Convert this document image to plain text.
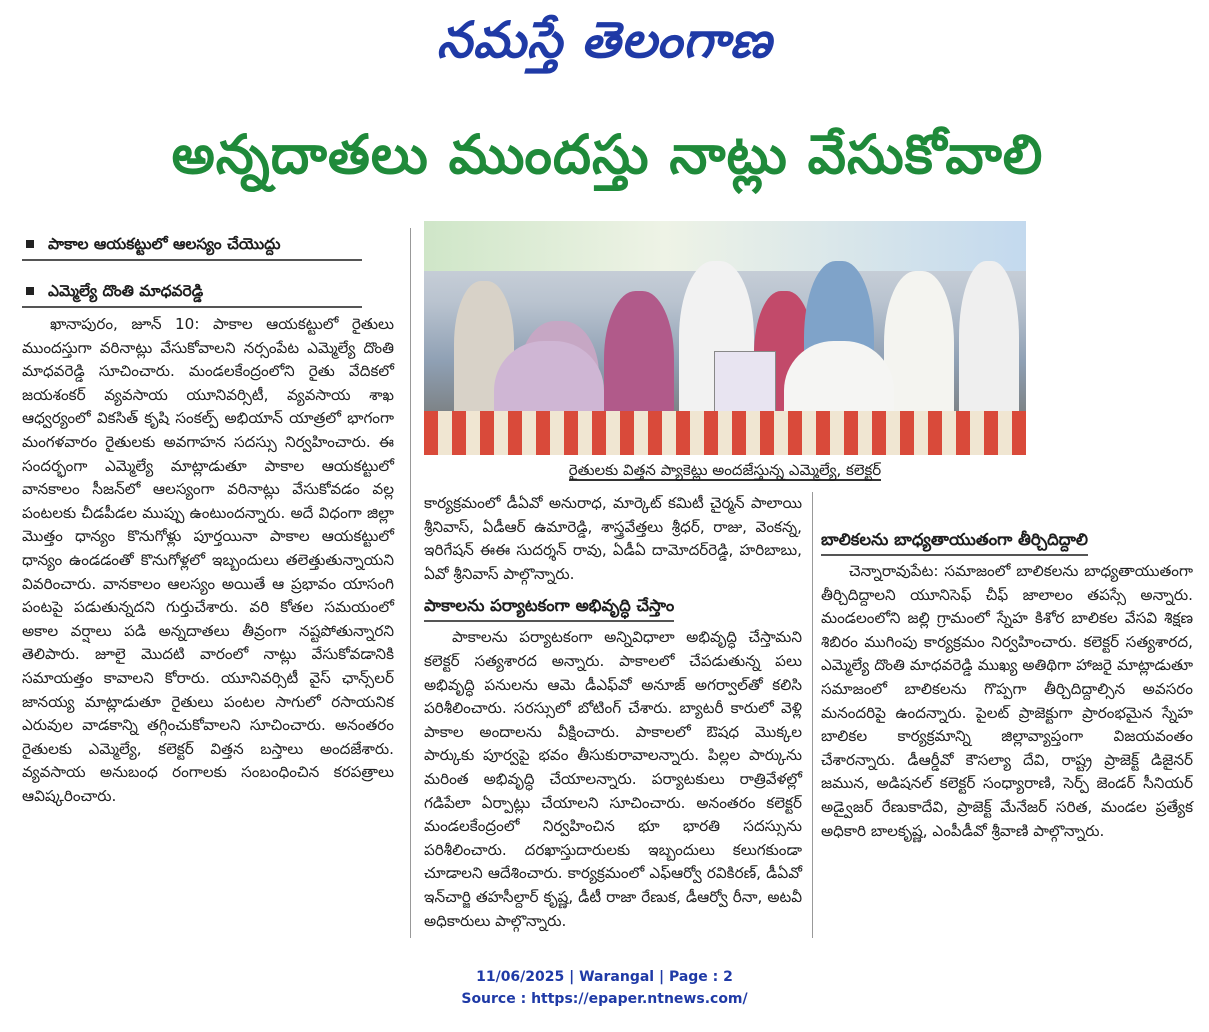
నమస్తే తెలంగాణ
అన్నదాతలు ముందస్తు నాట్లు వేసుకోవాలి
పాకాల ఆయకట్టులో ఆలస్యం చేయొద్దు
ఎమ్మెల్యే దొంతి మాధవరెడ్డి

ఖానాపురం, జూన్ 10: పాకాల ఆయకట్టులో రైతులు ముందస్తుగా వరినాట్లు వేసుకోవాలని నర్సంపేట ఎమ్మెల్యే దొంతి మాధవరెడ్డి సూచించారు. మండలకేంద్రంలోని రైతు వేదికలో జయశంకర్ వ్యవసాయ యూనివర్సిటీ, వ్యవసాయ శాఖ ఆధ్వర్యంలో వికసిత్ కృషి సంకల్ప్ అభియాన్ యాత్రలో భాగంగా మంగళవారం రైతులకు అవగాహన సదస్సు నిర్వహించారు. ఈ సందర్భంగా ఎమ్మెల్యే మాట్లాడుతూ పాకాల ఆయకట్టులో వానకాలం సీజన్‌లో ఆలస్యంగా వరినాట్లు వేసుకోవడం వల్ల పంటలకు చీడపీడల ముప్పు ఉంటుందన్నారు. అదే విధంగా జిల్లా మొత్తం ధాన్యం కొనుగోళ్లు పూర్తయినా పాకాల ఆయకట్టులో ధాన్యం ఉండడంతో కొనుగోళ్లలో ఇబ్బందులు తలెత్తుతున్నాయని వివరించారు. వానకాలం ఆలస్యం అయితే ఆ ప్రభావం యాసంగి పంటపై పడుతున్నదని గుర్తుచేశారు. వరి కోతల సమయంలో అకాల వర్షాలు పడి అన్నదాతలు తీవ్రంగా నష్టపోతున్నారని తెలిపారు. జూలై మొదటి వారంలో నాట్లు వేసుకోవడానికి సమాయత్తం కావాలని కోరారు. యూనివర్సిటీ వైస్ ఛాన్స్‌లర్ జానయ్య మాట్లాడుతూ రైతులు పంటల సాగులో రసాయనిక ఎరువుల వాడకాన్ని తగ్గించుకోవాలని సూచించారు. అనంతరం రైతులకు ఎమ్మెల్యే, కలెక్టర్ విత్తన బస్తాలు అందజేశారు. వ్యవసాయ అనుబంధ రంగాలకు సంబంధించిన కరపత్రాలు ఆవిష్కరించారు.

రైతులకు విత్తన ప్యాకెట్లు అందజేస్తున్న ఎమ్మెల్యే, కలెక్టర్

కార్యక్రమంలో డీఏవో అనురాధ, మార్కెట్ కమిటీ చైర్మన్ పాలాయి శ్రీనివాస్, ఏడీఆర్ ఉమారెడ్డి, శాస్త్రవేత్తలు శ్రీధర్, రాజు, వెంకన్న, ఇరిగేషన్ ఈఈ సుదర్శన్ రావు, ఏడీఏ దామోదర్‌రెడ్డి, హరిబాబు, ఏవో శ్రీనివాస్ పాల్గొన్నారు.

పాకాలను పర్యాటకంగా అభివృద్ధి చేస్తాం

పాకాలను పర్యాటకంగా అన్నివిధాలా అభివృద్ధి చేస్తామని కలెక్టర్ సత్యశారద అన్నారు. పాకాలలో చేపడుతున్న పలు అభివృద్ధి పనులను ఆమె డీఎఫ్‌వో అనూజ్ అగర్వాల్‌తో కలిసి పరిశీలించారు. సరస్సులో బోటింగ్ చేశారు. బ్యాటరీ కారులో వెళ్లి పాకాల అందాలను వీక్షించారు. పాకాలలో ఔషధ మొక్కల పార్కుకు పూర్వపై భవం తీసుకురావాలన్నారు. పిల్లల పార్కును మరింత అభివృద్ధి చేయాలన్నారు. పర్యాటకులు రాత్రివేళల్లో గడిపేలా ఏర్పాట్లు చేయాలని సూచించారు. అనంతరం కలెక్టర్ మండలకేంద్రంలో నిర్వహించిన భూ భారతి సదస్సును పరిశీలించారు. దరఖాస్తుదారులకు ఇబ్బందులు కలుగకుండా చూడాలని ఆదేశించారు. కార్యక్రమంలో ఎఫ్‌ఆర్వో రవికిరణ్, డీఏవో ఇన్‌చార్జి తహసీల్దార్ కృష్ణ, డీటీ రాజా రేణుక, డీఆర్వో రీనా, అటవీ అధికారులు పాల్గొన్నారు.

బాలికలను బాధ్యతాయుతంగా తీర్చిదిద్దాలి

చెన్నారావుపేట: సమాజంలో బాలికలను బాధ్యతాయుతంగా తీర్చిదిద్దాలని యూనిసెఫ్ చీఫ్ జాలాలం తపస్సే అన్నారు. మండలంలోని జల్లి గ్రామంలో స్నేహ కిశోర బాలికల వేసవి శిక్షణ శిబిరం ముగింపు కార్యక్రమం నిర్వహించారు. కలెక్టర్ సత్యశారద, ఎమ్మెల్యే దొంతి మాధవరెడ్డి ముఖ్య అతిథిగా హాజరై మాట్లాడుతూ సమాజంలో బాలికలను గొప్పగా తీర్చిదిద్దాల్సిన అవసరం మనందరిపై ఉందన్నారు. పైలట్ ప్రాజెక్టుగా ప్రారంభమైన స్నేహ బాలికల కార్యక్రమాన్ని జిల్లావ్యాప్తంగా విజయవంతం చేశారన్నారు. డీఆర్డీవో కౌసల్యా దేవి, రాష్ట్ర ప్రాజెక్ట్ డిజైనర్ జమున, అడిషనల్ కలెక్టర్ సంధ్యారాణి, సెర్ప్ జెండర్ సీనియర్ అడ్వైజర్ రేణుకాదేవి, ప్రాజెక్ట్ మేనేజర్ సరిత, మండల ప్రత్యేక అధికారి బాలకృష్ణ, ఎంపీడీవో శ్రీవాణి పాల్గొన్నారు.

11/06/2025 | Warangal | Page : 2
Source : https://epaper.ntnews.com/
